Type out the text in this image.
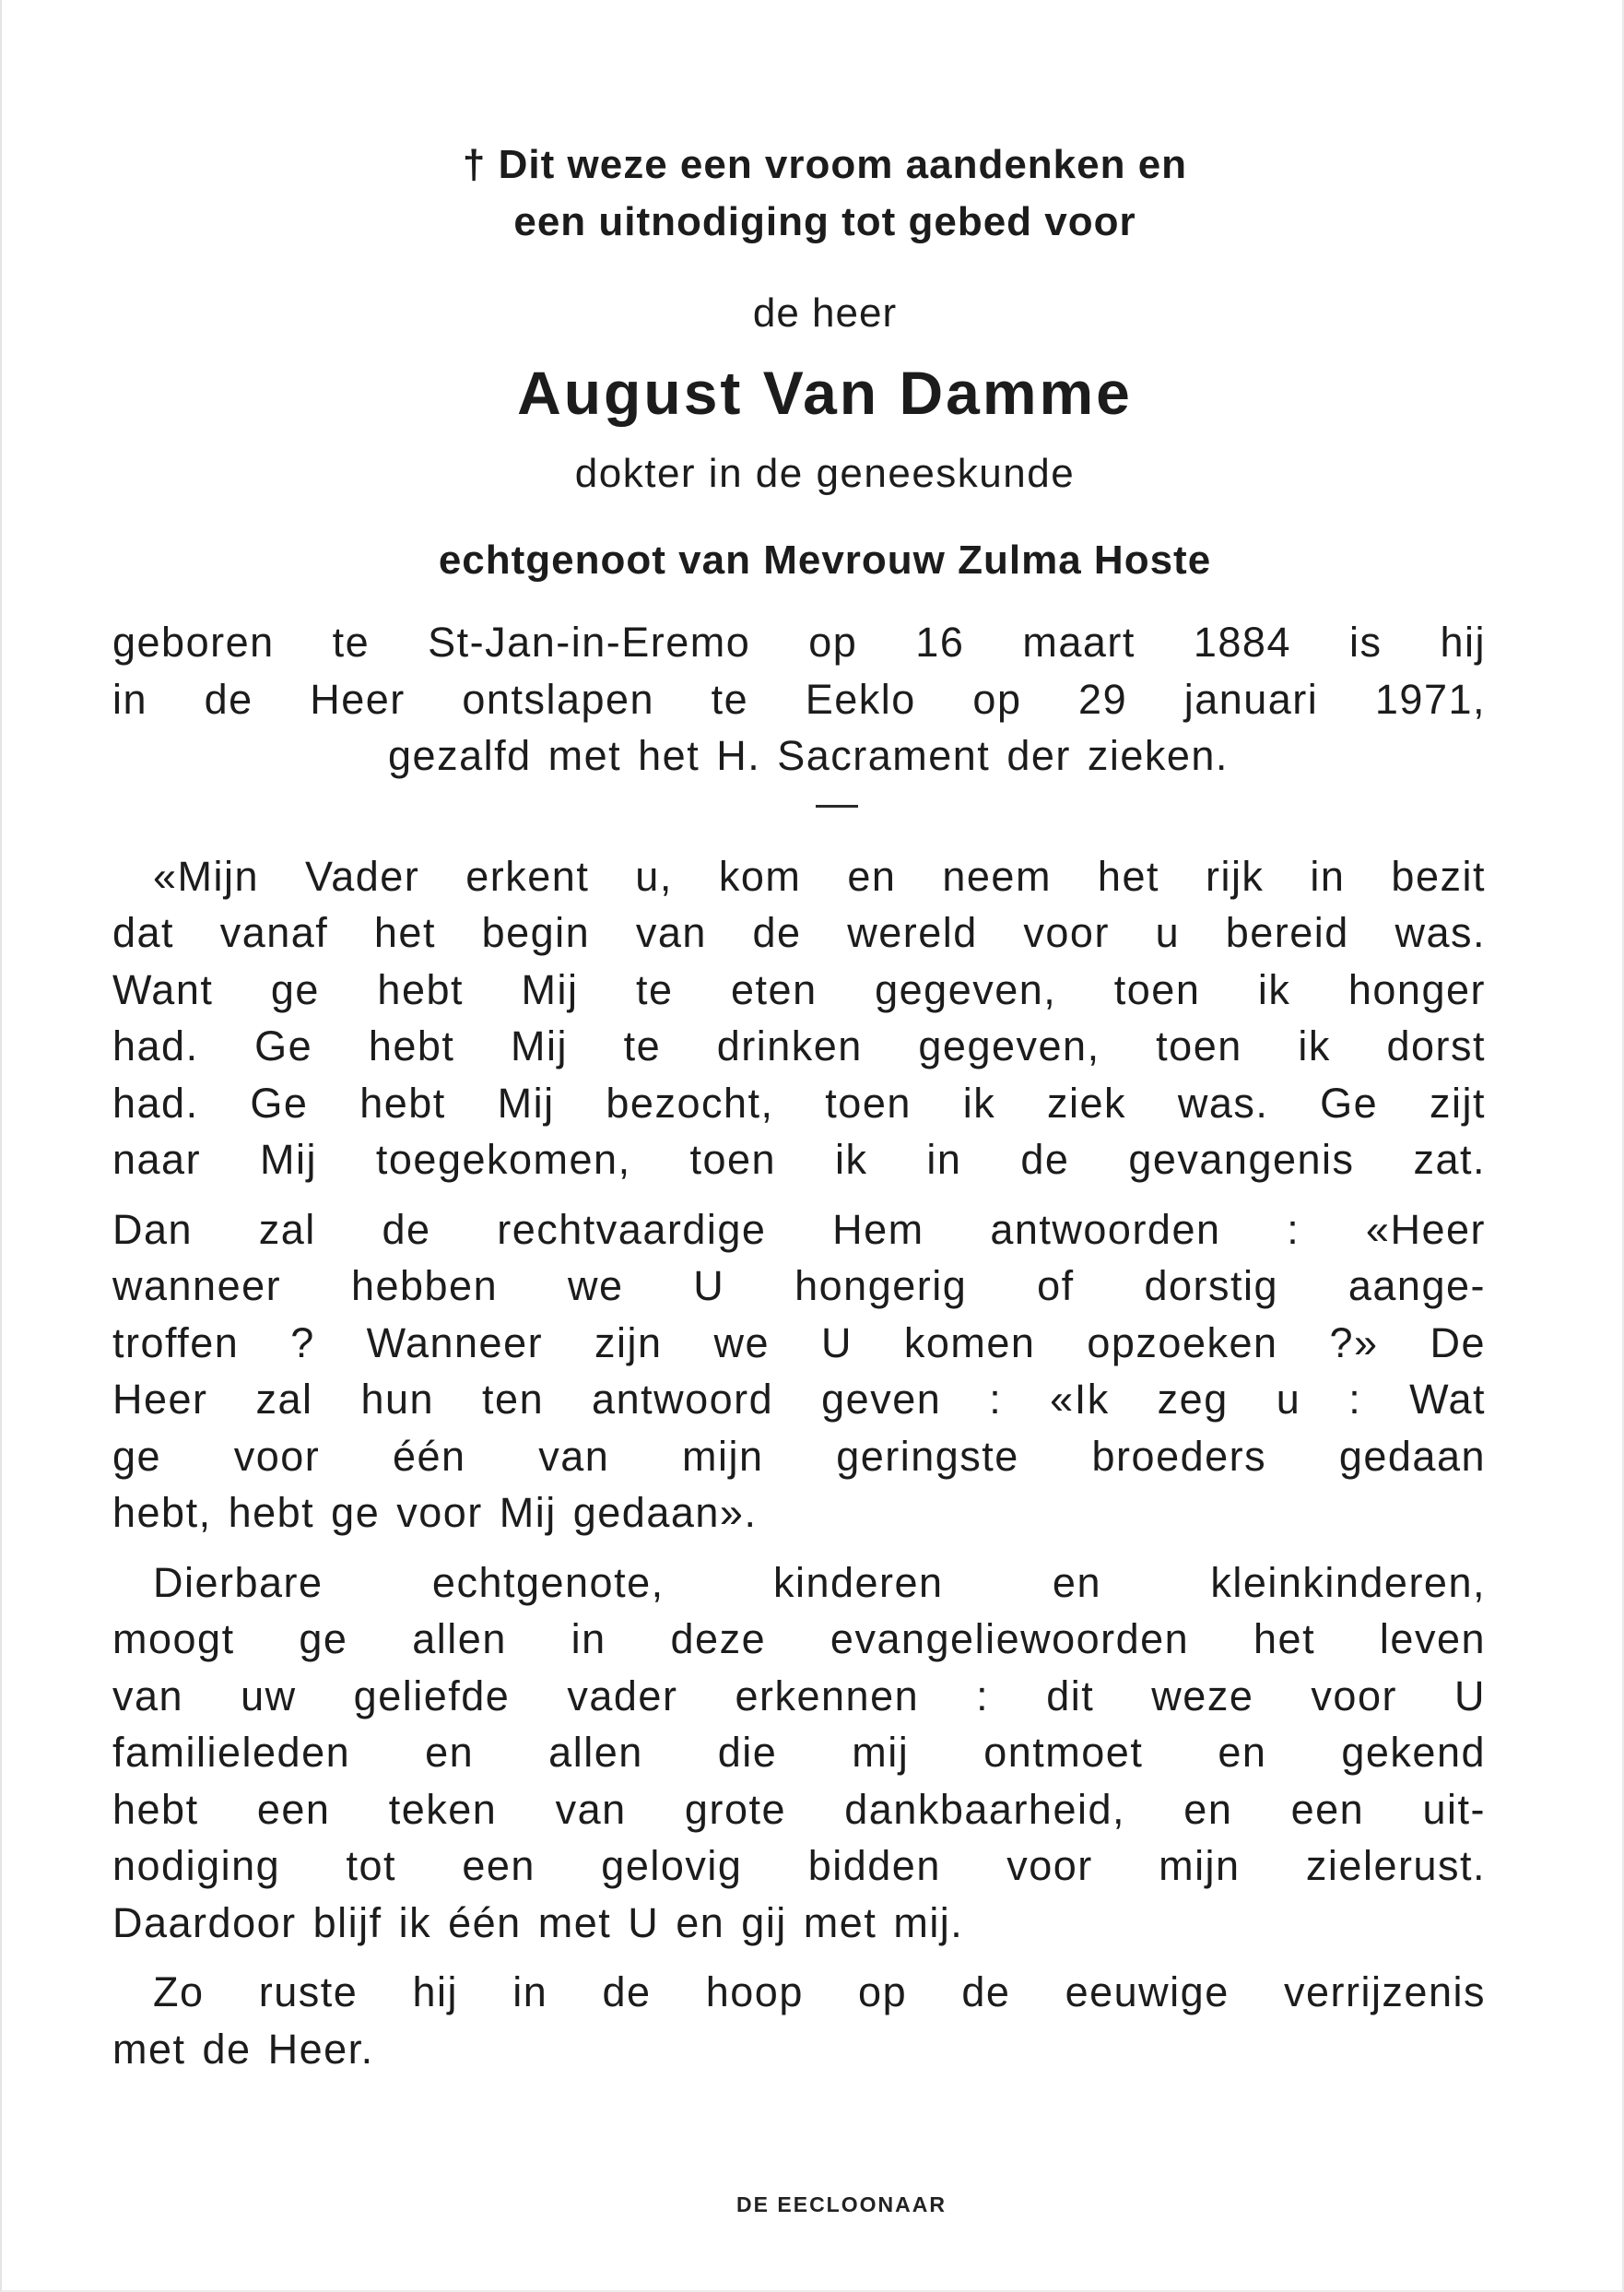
† Dit weze een vroom aandenken en

een uitnodiging tot gebed voor

de heer

August Van Damme

dokter in de geneeskunde

echtgenoot van Mevrouw Zulma Hoste

geboren te St-Jan-in-Eremo op 16 maart 1884 is hij

in de Heer ontslapen te Eeklo op 29 januari 1971,

gezalfd met het H. Sacrament der zieken.

«Mijn Vader erkent u, kom en neem het rijk in bezit

dat vanaf het begin van de wereld voor u bereid was.

Want ge hebt Mij te eten gegeven, toen ik honger

had. Ge hebt Mij te drinken gegeven, toen ik dorst

had. Ge hebt Mij bezocht, toen ik ziek was. Ge zijt

naar Mij toegekomen, toen ik in de gevangenis zat.

Dan zal de rechtvaardige Hem antwoorden : «Heer

wanneer hebben we U hongerig of dorstig aange-

troffen ? Wanneer zijn we U komen opzoeken ?» De

Heer zal hun ten antwoord geven : «Ik zeg u : Wat

ge voor één van mijn geringste broeders gedaan

hebt, hebt ge voor Mij gedaan».

Dierbare echtgenote, kinderen en kleinkinderen,

moogt ge allen in deze evangeliewoorden het leven

van uw geliefde vader erkennen : dit weze voor U

familieleden en allen die mij ontmoet en gekend

hebt een teken van grote dankbaarheid, en een uit-

nodiging tot een gelovig bidden voor mijn zielerust.

Daardoor blijf ik één met U en gij met mij.

Zo ruste hij in de hoop op de eeuwige verrijzenis

met de Heer.

DE EECLOONAAR
